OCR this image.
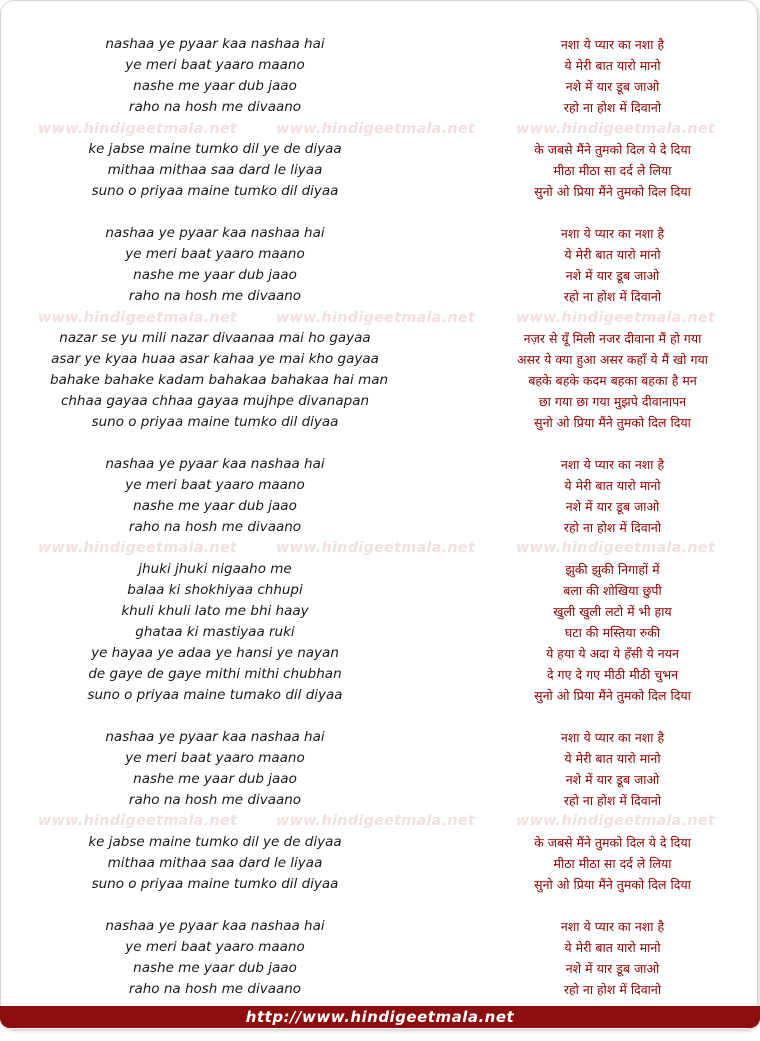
nashaa ye pyaar kaa nashaa hai	नशा ये प्यार का नशा है
ye meri baat yaaro maano	ये मेरी बात यारो मानो
nashe me yaar dub jaao	नशे में यार डूब जाओ
raho na hosh me divaano	रहो ना होश में दिवानो
www.hindigeetmala.net	www.hindigeetmala.net	www.hindigeetmala.net
ke jabse maine tumko dil ye de diyaa	के जबसे मैंने तुमको दिल ये दे दिया
mithaa mithaa saa dard le liyaa	मीठा मीठा सा दर्द ले लिया
suno o priyaa maine tumko dil diyaa	सुनो ओ प्रिया मैंने तुमको दिल दिया
nashaa ye pyaar kaa nashaa hai	नशा ये प्यार का नशा है
ye meri baat yaaro maano	ये मेरी बात यारो मानो
nashe me yaar dub jaao	नशे में यार डूब जाओ
raho na hosh me divaano	रहो ना होश में दिवानो
www.hindigeetmala.net	www.hindigeetmala.net	www.hindigeetmala.net
nazar se yu mili nazar divaanaa mai ho gayaa	नज़र से यूँ मिली नजर दीवाना मैं हो गया
asar ye kyaa huaa asar kahaa ye mai kho gayaa	असर ये क्या हुआ असर कहाँ ये मैं खो गया
bahake bahake kadam bahakaa bahakaa hai man	बहके बहके कदम बहका बहका है मन
chhaa gayaa chhaa gayaa mujhpe divanapan	छा गया छा गया मुझपे दीवानापन
suno o priyaa maine tumko dil diyaa	सुनो ओ प्रिया मैंने तुमको दिल दिया
nashaa ye pyaar kaa nashaa hai	नशा ये प्यार का नशा है
ye meri baat yaaro maano	ये मेरी बात यारो मानो
nashe me yaar dub jaao	नशे में यार डूब जाओ
raho na hosh me divaano	रहो ना होश में दिवानो
www.hindigeetmala.net	www.hindigeetmala.net	www.hindigeetmala.net
jhuki jhuki nigaaho me	झुकी झुकी निगाहों में
balaa ki shokhiyaa chhupi	बला की शोखिया छुपी
khuli khuli lato me bhi haay	खुली खुली लटो में भी हाय
ghataa ki mastiyaa ruki	घटा की मस्तिया रुकी
ye hayaa ye adaa ye hansi ye nayan	ये हया ये अदा ये हँसी ये नयन
de gaye de gaye mithi mithi chubhan	दे गए दे गए मीठी मीठी चुभन
suno o priyaa maine tumako dil diyaa	सुनो ओ प्रिया मैंने तुमको दिल दिया
nashaa ye pyaar kaa nashaa hai	नशा ये प्यार का नशा है
ye meri baat yaaro maano	ये मेरी बात यारो मानो
nashe me yaar dub jaao	नशे में यार डूब जाओ
raho na hosh me divaano	रहो ना होश में दिवानो
www.hindigeetmala.net	www.hindigeetmala.net	www.hindigeetmala.net
ke jabse maine tumko dil ye de diyaa	के जबसे मैंने तुमको दिल ये दे दिया
mithaa mithaa saa dard le liyaa	मीठा मीठा सा दर्द ले लिया
suno o priyaa maine tumko dil diyaa	सुनो ओ प्रिया मैंने तुमको दिल दिया
nashaa ye pyaar kaa nashaa hai	नशा ये प्यार का नशा है
ye meri baat yaaro maano	ये मेरी बात यारो मानो
nashe me yaar dub jaao	नशे में यार डूब जाओ
raho na hosh me divaano	रहो ना होश में दिवानो
http://www.hindigeetmala.net
